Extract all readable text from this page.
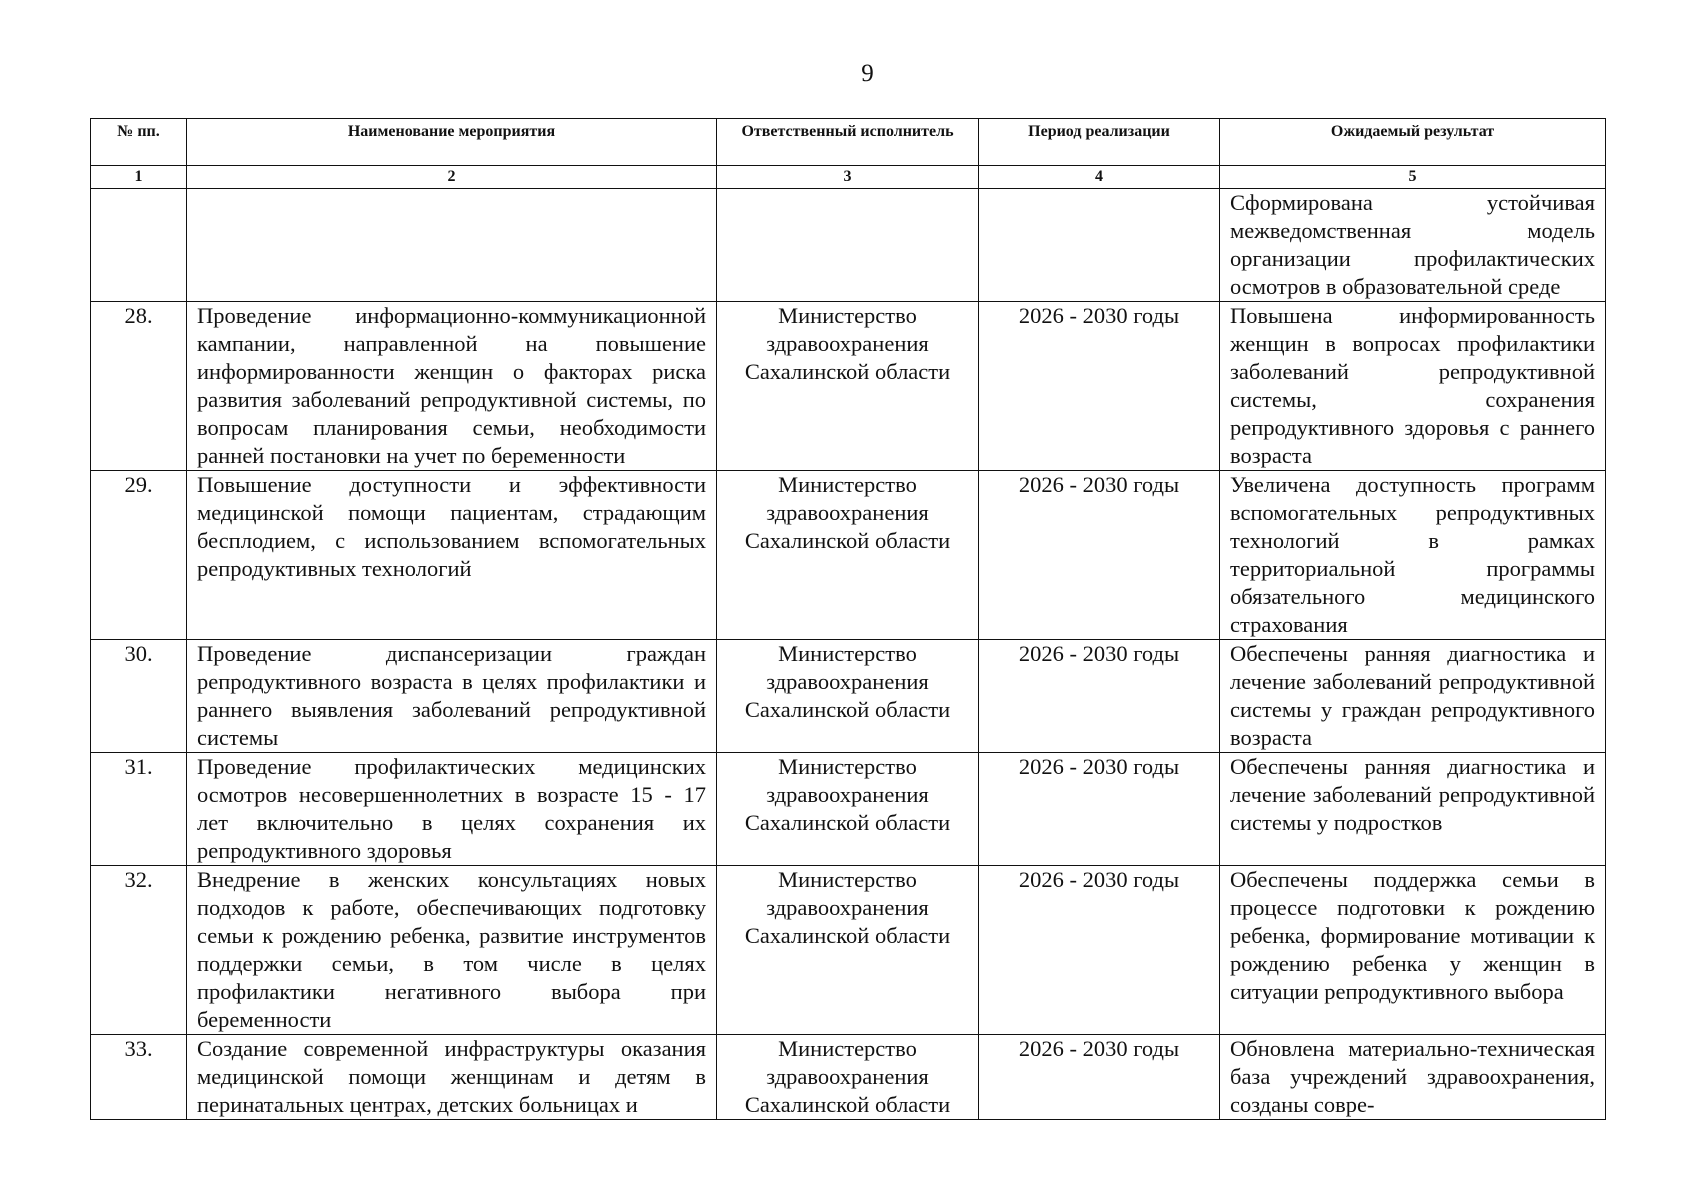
9
№ пп.	Наименование мероприятия	Ответственный исполнитель	Период реализации	Ожидаемый результат
1	2	3	4	5
				Сформирована устойчивая межведомственная модель организации профилактических осмотров в образовательной среде
28.	Проведение информационно-коммуникационной кампании, направленной на повышение информированности женщин о факторах риска развития заболеваний репродуктивной системы, по вопросам планирования семьи, необходимости ранней постановки на учет по беременности	Министерство здравоохранения Сахалинской области	2026 - 2030 годы	Повышена информированность женщин в вопросах профилактики заболеваний репродуктивной системы, сохранения репродуктивного здоровья с раннего возраста
29.	Повышение доступности и эффективности медицинской помощи пациентам, страдающим бесплодием, с использованием вспомогательных репродуктивных технологий	Министерство здравоохранения Сахалинской области	2026 - 2030 годы	Увеличена доступность программ вспомогательных репродуктивных технологий в рамках территориальной программы обязательного медицинского страхования
30.	Проведение диспансеризации граждан репродуктивного возраста в целях профилактики и раннего выявления заболеваний репродуктивной системы	Министерство здравоохранения Сахалинской области	2026 - 2030 годы	Обеспечены ранняя диагностика и лечение заболеваний репродуктивной системы у граждан репродуктивного возраста
31.	Проведение профилактических медицинских осмотров несовершеннолетних в возрасте 15 - 17 лет включительно в целях сохранения их репродуктивного здоровья	Министерство здравоохранения Сахалинской области	2026 - 2030 годы	Обеспечены ранняя диагностика и лечение заболеваний репродуктивной системы у подростков
32.	Внедрение в женских консультациях новых подходов к работе, обеспечивающих подготовку семьи к рождению ребенка, развитие инструментов поддержки семьи, в том числе в целях профилактики негативного выбора при беременности	Министерство здравоохранения Сахалинской области	2026 - 2030 годы	Обеспечены поддержка семьи в процессе подготовки к рождению ребенка, формирование мотивации к рождению ребенка у женщин в ситуации репродуктивного выбора
33.	Создание современной инфраструктуры оказания медицинской помощи женщинам и детям в перинатальных центрах, детских больницах и	Министерство здравоохранения Сахалинской области	2026 - 2030 годы	Обновлена материально-техническая база учреждений здравоохранения, созданы совре-
